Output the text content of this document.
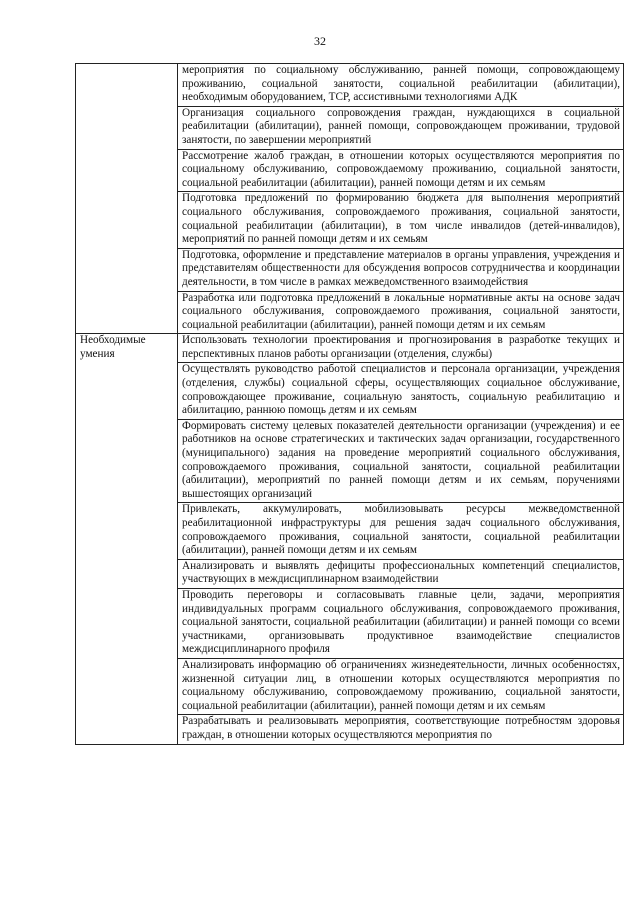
32
	мероприятия по социальному обслуживанию, ранней помощи, сопровождающему проживанию, социальной занятости, социальной реабилитации (абилитации), необходимым оборудованием, ТСР, ассистивными технологиями АДК
	Организация социального сопровождения граждан, нуждающихся в социальной реабилитации (абилитации), ранней помощи, сопровождающем проживании, трудовой занятости, по завершении мероприятий
	Рассмотрение жалоб граждан, в отношении которых осуществляются мероприятия по социальному обслуживанию, сопровождаемому проживанию, социальной занятости, социальной реабилитации (абилитации), ранней помощи детям и их семьям
	Подготовка предложений по формированию бюджета для выполнения мероприятий социального обслуживания, сопровождаемого проживания, социальной занятости, социальной реабилитации (абилитации), в том числе инвалидов (детей-инвалидов), мероприятий по ранней помощи детям и их семьям
	Подготовка, оформление и представление материалов в органы управления, учреждения и представителям общественности для обсуждения вопросов сотрудничества и координации деятельности, в том числе в рамках межведомственного взаимодействия
	Разработка или подготовка предложений в локальные нормативные акты на основе задач социального обслуживания, сопровождаемого проживания, социальной занятости, социальной реабилитации (абилитации), ранней помощи детям и их семьям
Необходимые умения	Использовать технологии проектирования и прогнозирования в разработке текущих и перспективных планов работы организации (отделения, службы)
	Осуществлять руководство работой специалистов и персонала организации, учреждения (отделения, службы) социальной сферы, осуществляющих социальное обслуживание, сопровождающее проживание, социальную занятость, социальную реабилитацию и абилитацию, раннюю помощь детям и их семьям
	Формировать систему целевых показателей деятельности организации (учреждения) и ее работников на основе стратегических и тактических задач организации, государственного (муниципального) задания на проведение мероприятий социального обслуживания, сопровождаемого проживания, социальной занятости, социальной реабилитации (абилитации), мероприятий по ранней помощи детям и их семьям, поручениями вышестоящих организаций
	Привлекать, аккумулировать, мобилизовывать ресурсы межведомственной реабилитационной инфраструктуры для решения задач социального обслуживания, сопровождаемого проживания, социальной занятости, социальной реабилитации (абилитации), ранней помощи детям и их семьям
	Анализировать и выявлять дефициты профессиональных компетенций специалистов, участвующих в междисциплинарном взаимодействии
	Проводить переговоры и согласовывать главные цели, задачи, мероприятия индивидуальных программ социального обслуживания, сопровождаемого проживания, социальной занятости, социальной реабилитации (абилитации) и ранней помощи со всеми участниками, организовывать продуктивное взаимодействие специалистов междисциплинарного профиля
	Анализировать информацию об ограничениях жизнедеятельности, личных особенностях, жизненной ситуации лиц, в отношении которых осуществляются мероприятия по социальному обслуживанию, сопровождаемому проживанию, социальной занятости, социальной реабилитации (абилитации), ранней помощи детям и их семьям
	Разрабатывать и реализовывать мероприятия, соответствующие потребностям здоровья граждан, в отношении которых осуществляются мероприятия по
